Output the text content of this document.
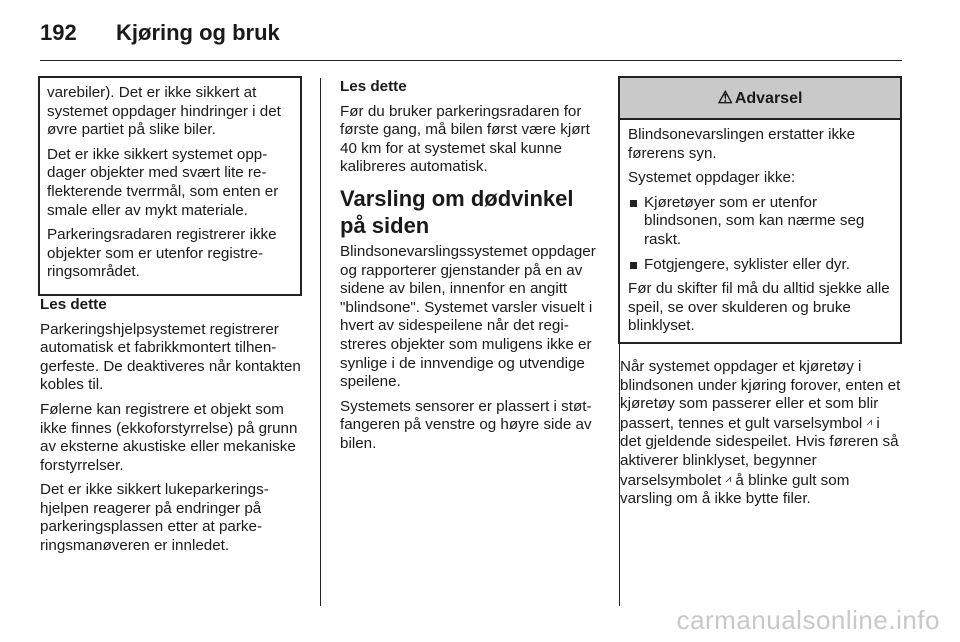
192 Kjøring og bruk

varebiler). Det er ikke sikkert at systemet oppdager hindringer i det øvre partiet på slike biler.

Det er ikke sikkert systemet oppdager objekter med svært lite reflekterende tverrmål, som enten er smale eller av mykt materiale.

Parkeringsradaren registrerer ikke objekter som er utenfor registreringsområdet.

Les dette

Parkeringshjelpsystemet registrerer automatisk et fabrikkmontert tilhengerfeste. De deaktiveres når kontakten kobles til.

Følerne kan registrere et objekt som ikke finnes (ekkoforstyrrelse) på grunn av eksterne akustiske eller mekaniske forstyrrelser.

Det er ikke sikkert lukeparkeringshjelpen reagerer på endringer på parkeringsplassen etter at parkeringsmanøveren er innledet.

Les dette

Før du bruker parkeringsradaren for første gang, må bilen først være kjørt 40 km for at systemet skal kunne kalibreres automatisk.

Varsling om dødvinkel på siden

Blindsonevarslingssystemet oppdager og rapporterer gjenstander på en av sidene av bilen, innenfor en angitt "blindsone". Systemet varsler visuelt i hvert av sidespeilene når det registreres objekter som muligens ikke er synlige i de innvendige og utvendige speilene.

Systemets sensorer er plassert i støtfangeren på venstre og høyre side av bilen.

⚠ Advarsel

Blindsonevarslingen erstatter ikke førerens syn.

Systemet oppdager ikke:

Kjøretøyer som er utenfor blindsonen, som kan nærme seg raskt.
Fotgjengere, syklister eller dyr.

Før du skifter fil må du alltid sjekke alle speil, se over skulderen og bruke blinklyset.

Når systemet oppdager et kjøretøy i blindsonen under kjøring forover, enten et kjøretøy som passerer eller et som blir passert, tennes et gult varselsymbol ⩘ i det gjeldende sidespeilet. Hvis føreren så aktiverer blinklyset, begynner varselsymbolet ⩘ å blinke gult som varsling om å ikke bytte filer.

carmanualsonline.info
